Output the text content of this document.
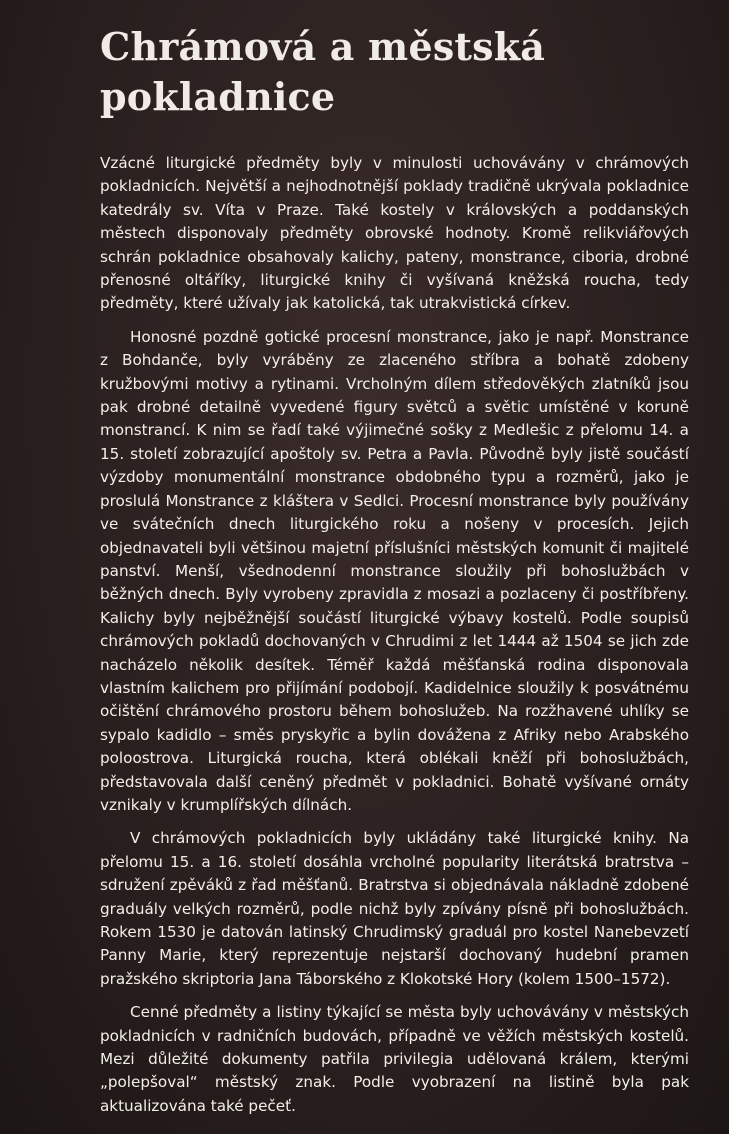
Chrámová a městská pokladnice

Vzácné liturgické předměty byly v minulosti uchovávány v chrámových pokladnicích. Největší a nejhodnotnější poklady tradičně ukrývala pokladnice katedrály sv. Víta v Praze. Také kostely v královských a poddanských městech disponovaly předměty obrovské hodnoty. Kromě relikviářových schrán pokladnice obsahovaly kalichy, pateny, monstrance, ciboria, drobné přenosné oltáříky, liturgické knihy či vyšívaná kněžská roucha, tedy předměty, které užívaly jak katolická, tak utrakvistická církev.

Honosné pozdně gotické procesní monstrance, jako je např. Monstrance z Bohdanče, byly vyráběny ze zlaceného stříbra a bohatě zdobeny kružbovými motivy a rytinami. Vrcholným dílem středověkých zlatníků jsou pak drobné detailně vyvedené figury světců a světic umístěné v koruně monstrancí. K nim se řadí také výjimečné sošky z Medlešic z přelomu 14. a 15. století zobrazující apoštoly sv. Petra a Pavla. Původně byly jistě součástí výzdoby monumentální monstrance obdobného typu a rozměrů, jako je proslulá Monstrance z kláštera v Sedlci. Procesní monstrance byly používány ve svátečních dnech liturgického roku a nošeny v procesích. Jejich objednavateli byli většinou majetní příslušníci městských komunit či majitelé panství. Menší, všednodenní monstrance sloužily při bohoslužbách v běžných dnech. Byly vyrobeny zpravidla z mosazi a pozlaceny či postříbřeny. Kalichy byly nejběžnější součástí liturgické výbavy kostelů. Podle soupisů chrámových pokladů dochovaných v Chrudimi z let 1444 až 1504 se jich zde nacházelo několik desítek. Téměř každá měšťanská rodina disponovala vlastním kalichem pro přijímání podobojí. Kadidelnice sloužily k posvátnému očištění chrámového prostoru během bohoslužeb. Na rozžhavené uhlíky se sypalo kadidlo – směs pryskyřic a bylin dovážena z Afriky nebo Arabského poloostrova. Liturgická roucha, která oblékali kněží při bohoslužbách, představovala další ceněný předmět v pokladnici. Bohatě vyšívané ornáty vznikaly v krumplířských dílnách.

V chrámových pokladnicích byly ukládány také liturgické knihy. Na přelomu 15. a 16. století dosáhla vrcholné popularity literátská bratrstva – sdružení zpěváků z řad měšťanů. Bratrstva si objednávala nákladně zdobené graduály velkých rozměrů, podle nichž byly zpívány písně při bohoslužbách. Rokem 1530 je datován latinský Chrudimský graduál pro kostel Nanebevzetí Panny Marie, který reprezentuje nejstarší dochovaný hudební pramen pražského skriptoria Jana Táborského z Klokotské Hory (kolem 1500–1572).

Cenné předměty a listiny týkající se města byly uchovávány v městských pokladnicích v radničních budovách, případně ve věžích městských kostelů. Mezi důležité dokumenty patřila privilegia udělovaná králem, kterými „polepšoval“ městský znak. Podle vyobrazení na listině byla pak aktualizována také pečeť.
